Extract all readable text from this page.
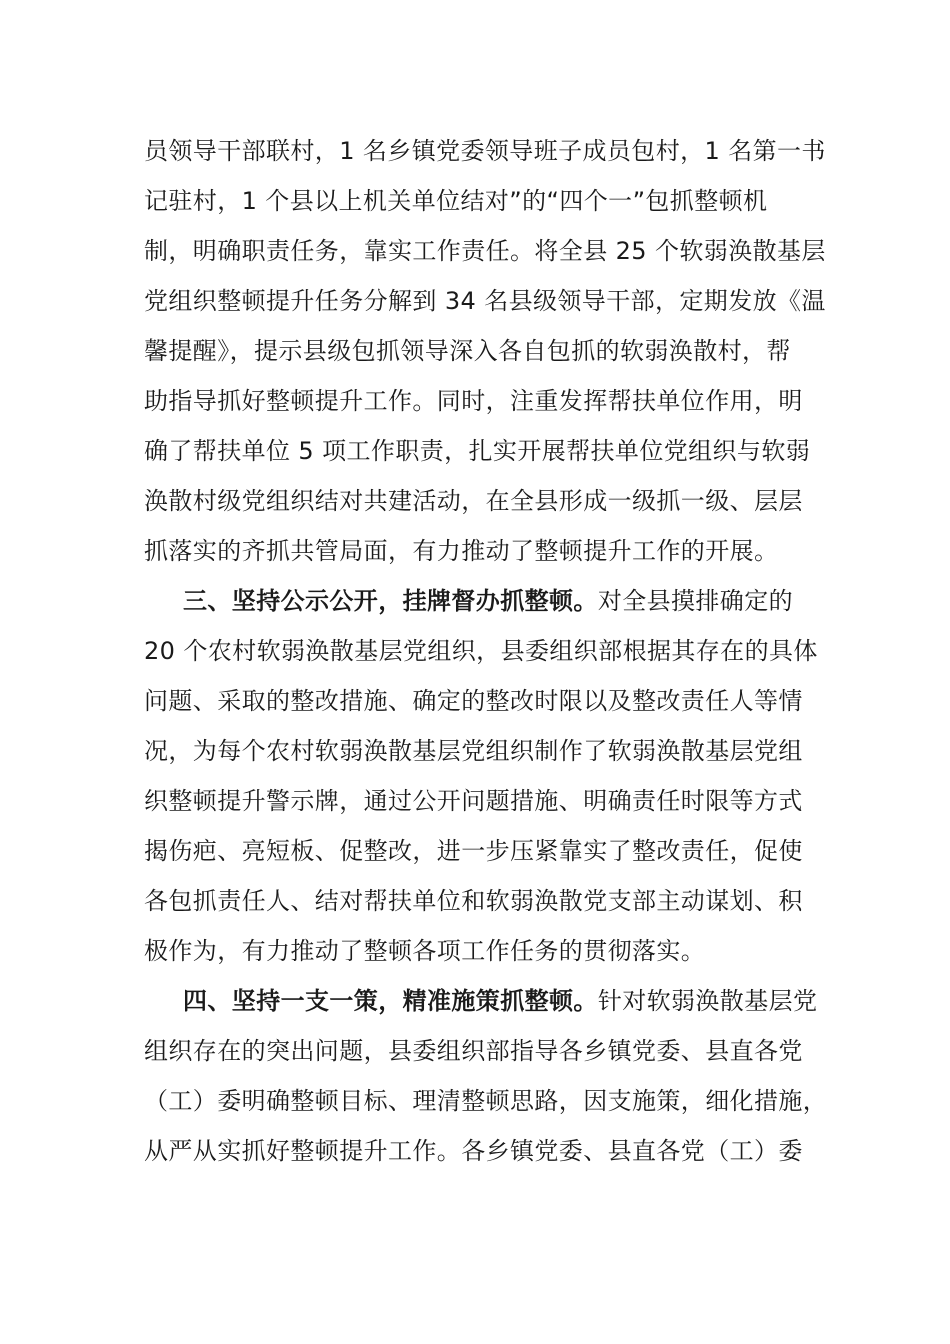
员领导干部联村，1 名乡镇党委领导班子成员包村，1 名第一书
记驻村，1 个县以上机关单位结对”的“四个一”包抓整顿机
制，明确职责任务，靠实工作责任。将全县 25 个软弱涣散基层
党组织整顿提升任务分解到 34 名县级领导干部，定期发放《温
馨提醒》，提示县级包抓领导深入各自包抓的软弱涣散村，帮
助指导抓好整顿提升工作。同时，注重发挥帮扶单位作用，明
确了帮扶单位 5 项工作职责，扎实开展帮扶单位党组织与软弱
涣散村级党组织结对共建活动，在全县形成一级抓一级、层层
抓落实的齐抓共管局面，有力推动了整顿提升工作的开展。
三、坚持公示公开，挂牌督办抓整顿。对全县摸排确定的
20 个农村软弱涣散基层党组织，县委组织部根据其存在的具体
问题、采取的整改措施、确定的整改时限以及整改责任人等情
况，为每个农村软弱涣散基层党组织制作了软弱涣散基层党组
织整顿提升警示牌，通过公开问题措施、明确责任时限等方式
揭伤疤、亮短板、促整改，进一步压紧靠实了整改责任，促使
各包抓责任人、结对帮扶单位和软弱涣散党支部主动谋划、积
极作为，有力推动了整顿各项工作任务的贯彻落实。
四、坚持一支一策，精准施策抓整顿。针对软弱涣散基层党
组织存在的突出问题，县委组织部指导各乡镇党委、县直各党
（工）委明确整顿目标、理清整顿思路，因支施策，细化措施，
从严从实抓好整顿提升工作。各乡镇党委、县直各党（工）委
